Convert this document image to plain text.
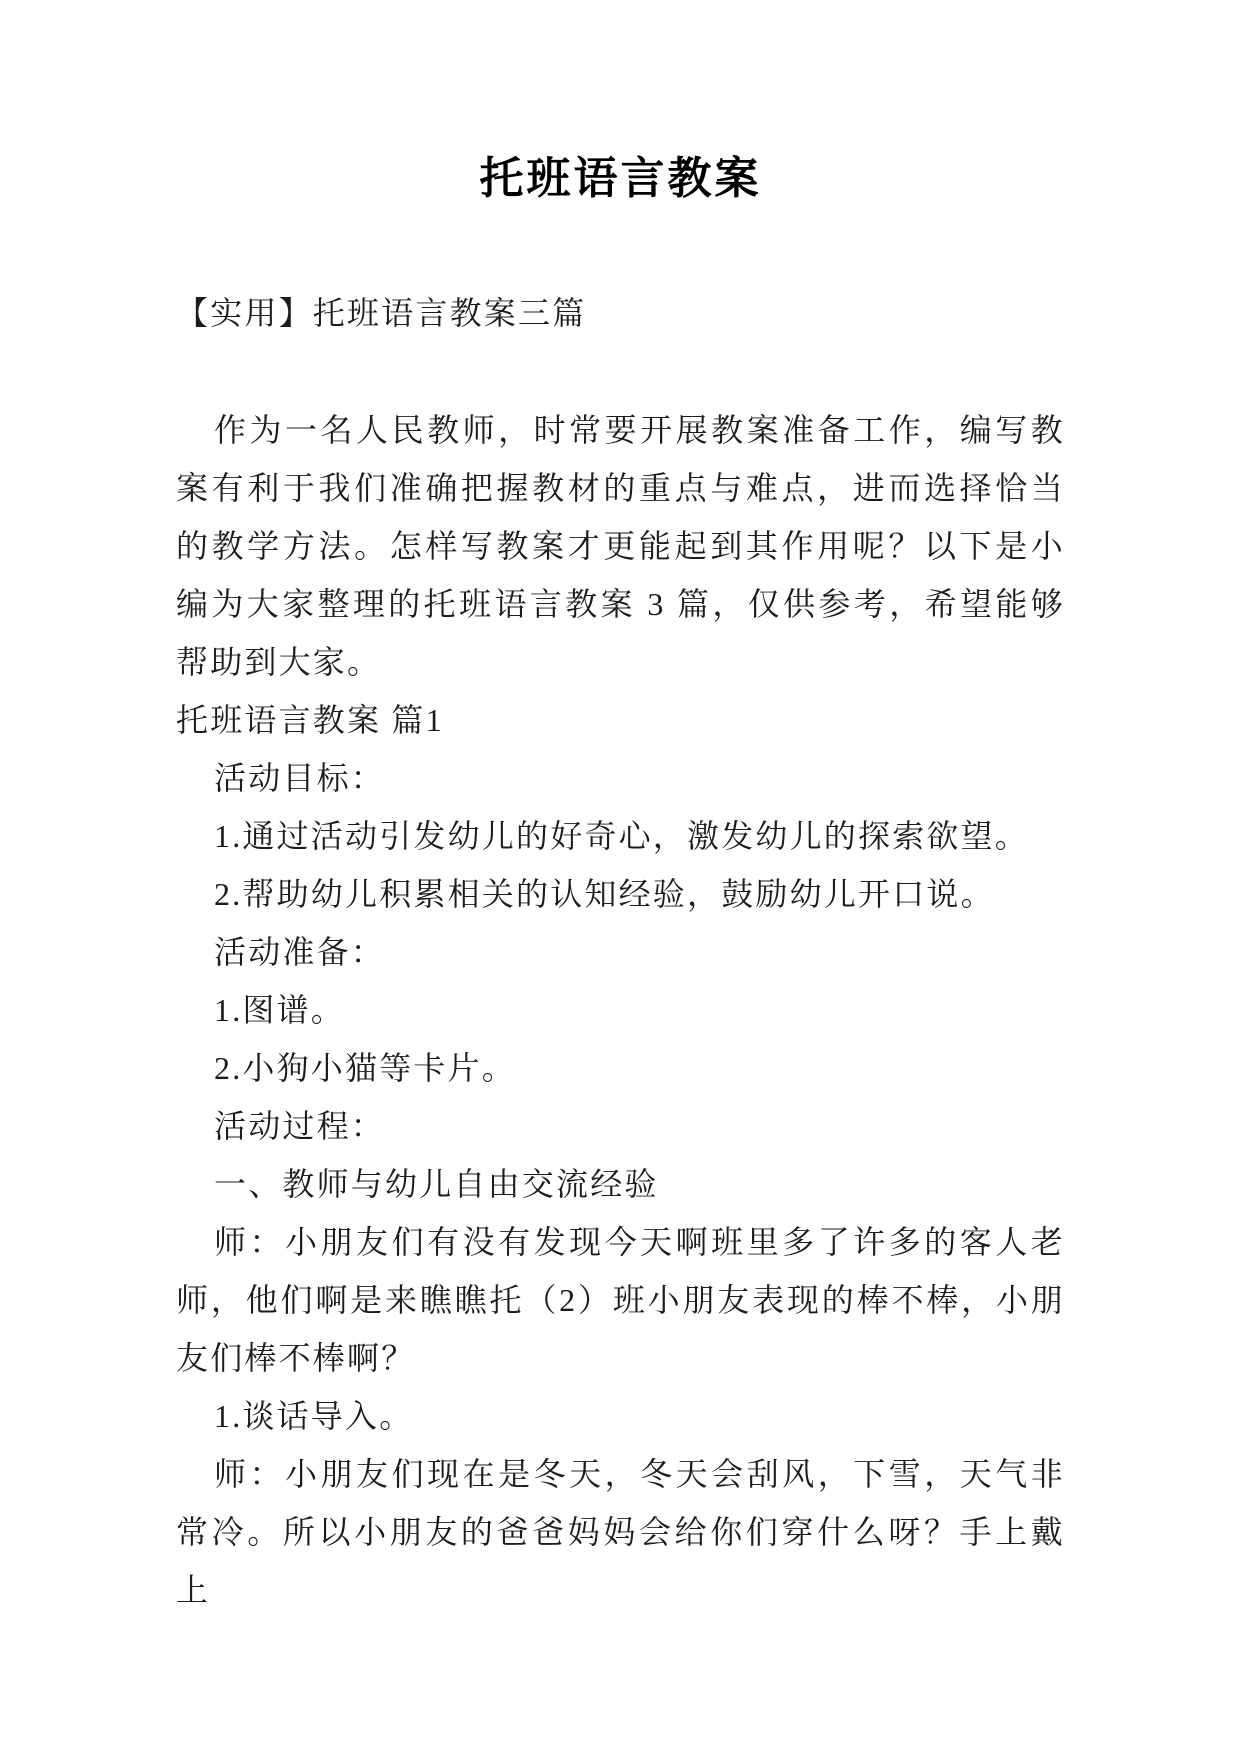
托班语言教案

【实用】托班语言教案三篇

作为一名人民教师，时常要开展教案准备工作，编写教案有利于我们准确把握教材的重点与难点，进而选择恰当的教学方法。怎样写教案才更能起到其作用呢？以下是小编为大家整理的托班语言教案 3 篇，仅供参考，希望能够帮助到大家。

托班语言教案 篇1

活动目标：

1.通过活动引发幼儿的好奇心，激发幼儿的探索欲望。

2.帮助幼儿积累相关的认知经验，鼓励幼儿开口说。

活动准备：

1.图谱。

2.小狗小猫等卡片。

活动过程：

一、教师与幼儿自由交流经验

师：小朋友们有没有发现今天啊班里多了许多的客人老师，他们啊是来瞧瞧托（2）班小朋友表现的棒不棒，小朋友们棒不棒啊？

1.谈话导入。

师：小朋友们现在是冬天，冬天会刮风，下雪，天气非常冷。所以小朋友的爸爸妈妈会给你们穿什么呀？手上戴上
